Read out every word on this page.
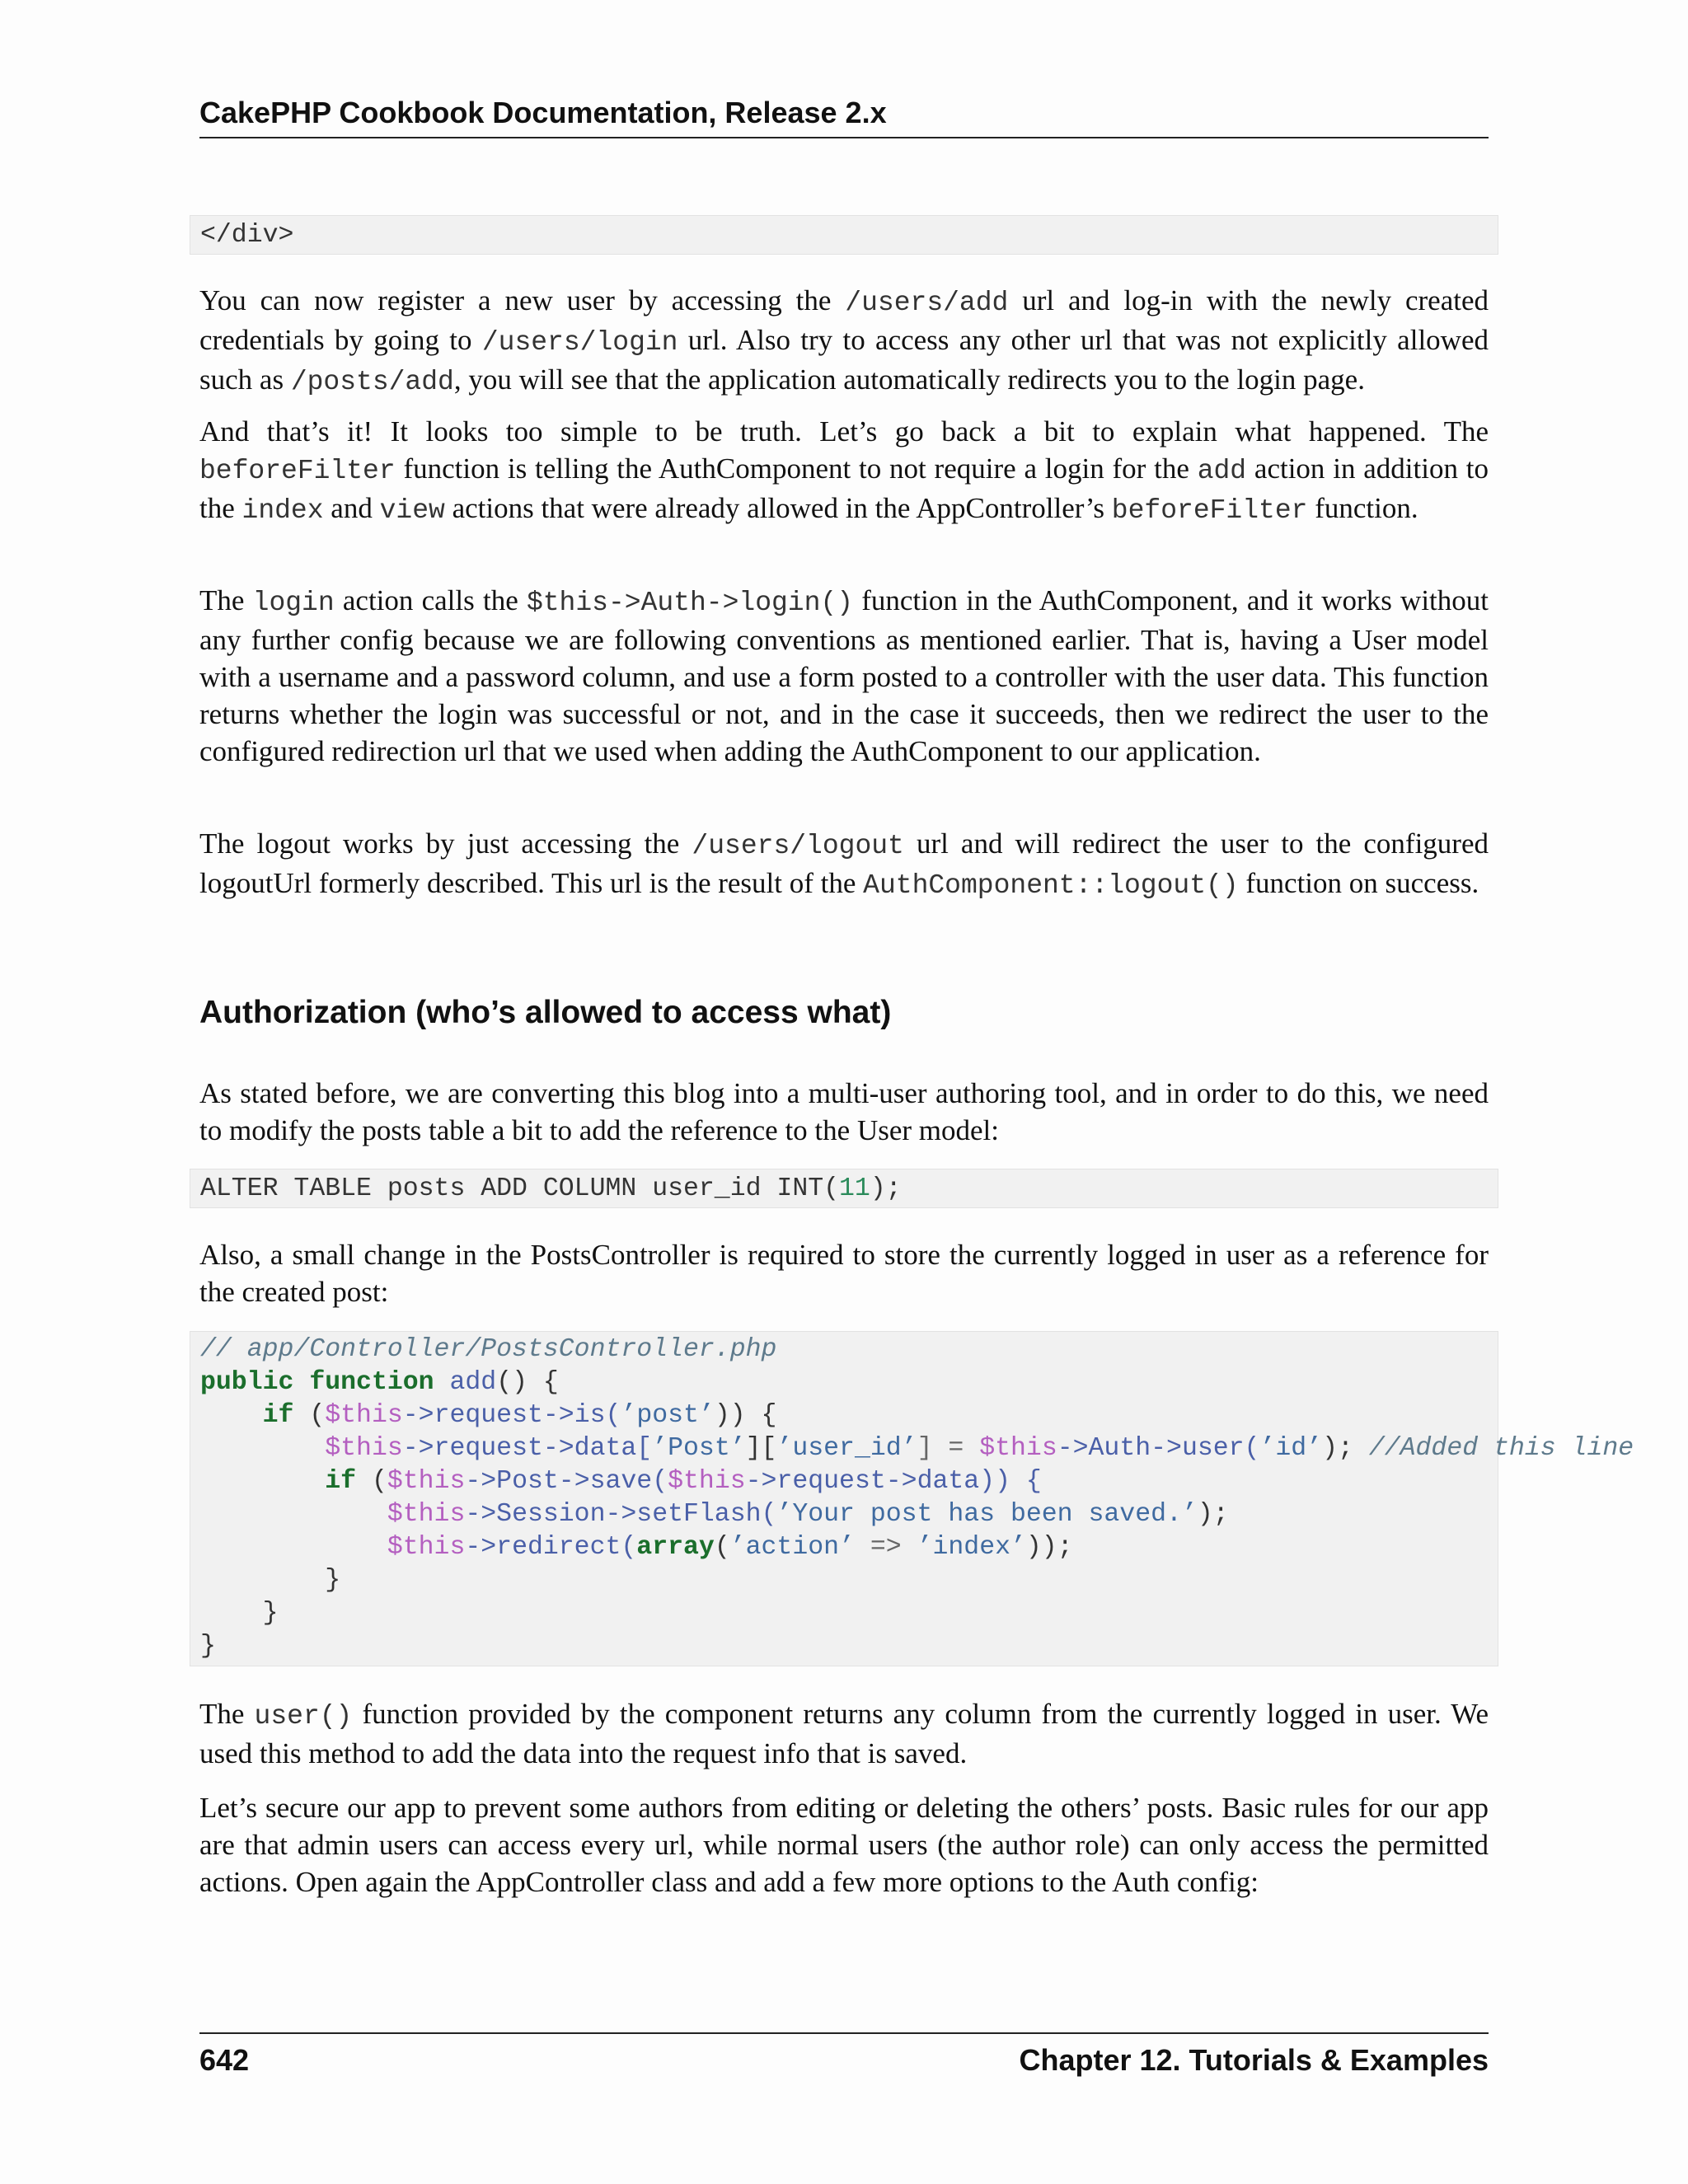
CakePHP Cookbook Documentation, Release 2.x
</div>

You can now register a new user by accessing the /users/add url and log-in with the newly created credentials by going to /users/login url. Also try to access any other url that was not explicitly allowed such as /posts/add, you will see that the application automatically redirects you to the login page.

And that’s it! It looks too simple to be truth. Let’s go back a bit to explain what happened. The beforeFilter function is telling the AuthComponent to not require a login for the add action in addition to the index and view actions that were already allowed in the AppController’s beforeFilter function.

The login action calls the $this->Auth->login() function in the AuthComponent, and it works without any further config because we are following conventions as mentioned earlier. That is, having a User model with a username and a password column, and use a form posted to a controller with the user data. This function returns whether the login was successful or not, and in the case it succeeds, then we redirect the user to the configured redirection url that we used when adding the AuthComponent to our application.

The logout works by just accessing the /users/logout url and will redirect the user to the configured logoutUrl formerly described. This url is the result of the AuthComponent::logout() function on success.

Authorization (who’s allowed to access what)

As stated before, we are converting this blog into a multi-user authoring tool, and in order to do this, we need to modify the posts table a bit to add the reference to the User model:

ALTER TABLE posts ADD COLUMN user_id INT(11);

Also, a small change in the PostsController is required to store the currently logged in user as a reference for the created post:

// app/Controller/PostsController.php
public function add() {
if ($this->request->is(’post’)) {
$this->request->data[’Post’][’user_id’] = $this->Auth->user(’id’); //Added this line
if ($this->Post->save($this->request->data)) {
$this->Session->setFlash(’Your post has been saved.’);
$this->redirect(array(’action’ => ’index’));
}
}
}

The user() function provided by the component returns any column from the currently logged in user. We used this method to add the data into the request info that is saved.

Let’s secure our app to prevent some authors from editing or deleting the others’ posts. Basic rules for our app are that admin users can access every url, while normal users (the author role) can only access the permitted actions. Open again the AppController class and add a few more options to the Auth config:

642	Chapter 12. Tutorials & Examples
